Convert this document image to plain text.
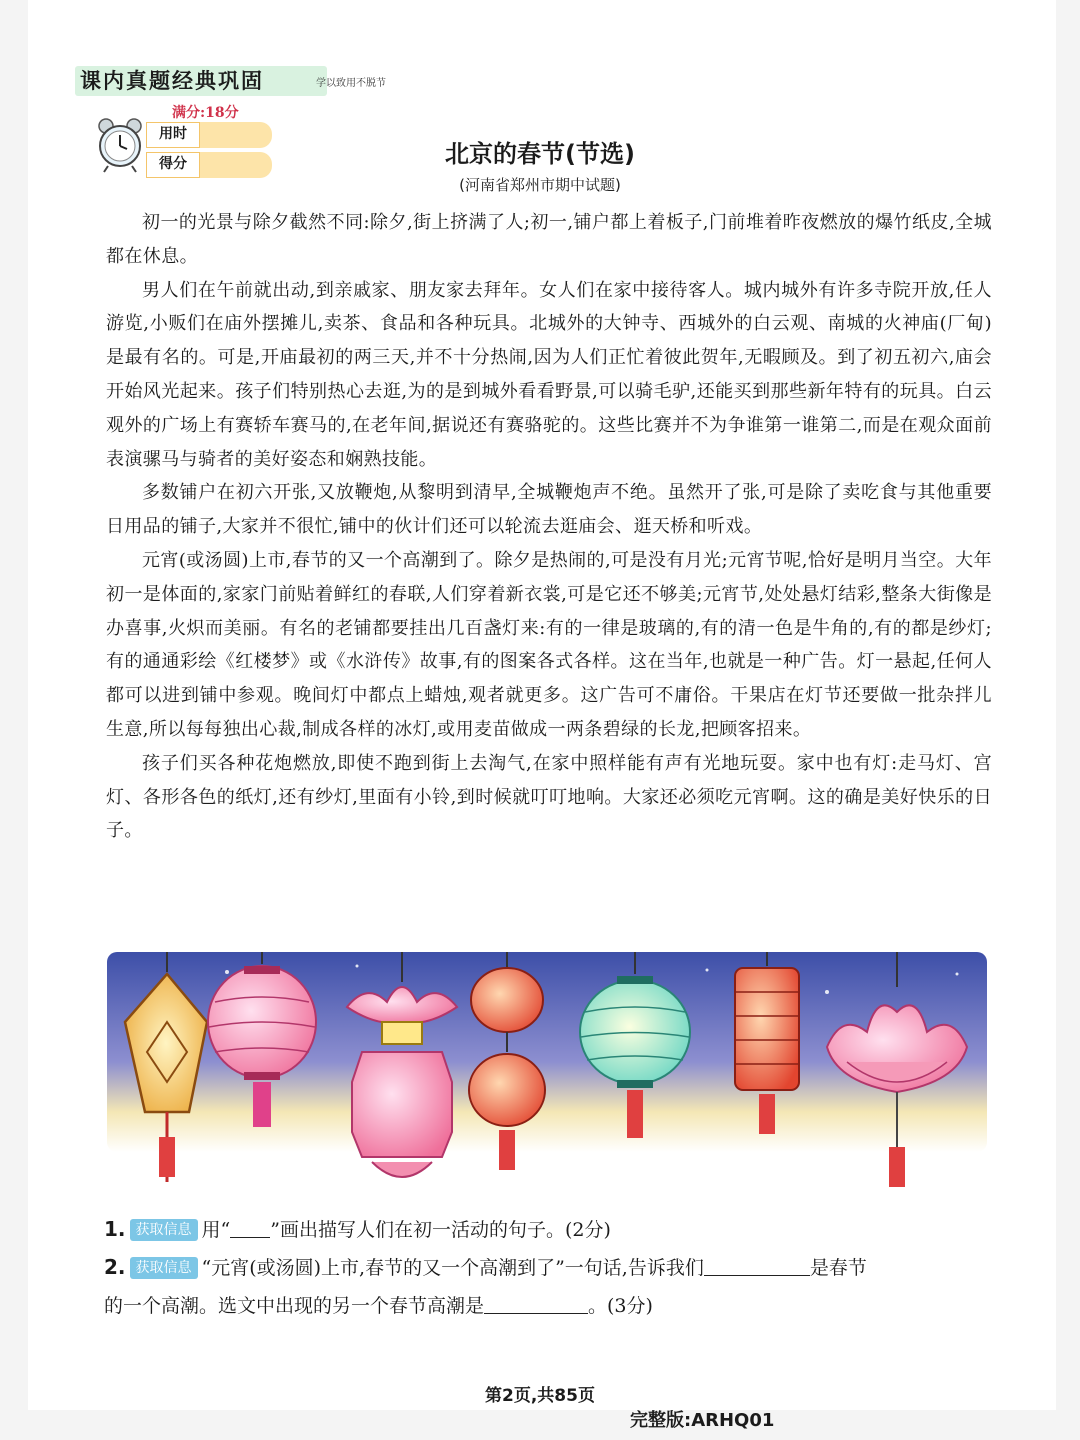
课内真题经典巩固	学以致用不脱节
满分:18分
用时
得分	北京的春节(节选)
(河南省郑州市期中试题)

初一的光景与除夕截然不同:除夕,街上挤满了人;初一,铺户都上着板子,门前堆着昨夜燃放的爆竹纸皮,全城都在休息。

男人们在午前就出动,到亲戚家、朋友家去拜年。女人们在家中接待客人。城内城外有许多寺院开放,任人游览,小贩们在庙外摆摊儿,卖茶、食品和各种玩具。北城外的大钟寺、西城外的白云观、南城的火神庙(厂甸)是最有名的。可是,开庙最初的两三天,并不十分热闹,因为人们正忙着彼此贺年,无暇顾及。到了初五初六,庙会开始风光起来。孩子们特别热心去逛,为的是到城外看看野景,可以骑毛驴,还能买到那些新年特有的玩具。白云观外的广场上有赛轿车赛马的,在老年间,据说还有赛骆驼的。这些比赛并不为争谁第一谁第二,而是在观众面前表演骡马与骑者的美好姿态和娴熟技能。

多数铺户在初六开张,又放鞭炮,从黎明到清早,全城鞭炮声不绝。虽然开了张,可是除了卖吃食与其他重要日用品的铺子,大家并不很忙,铺中的伙计们还可以轮流去逛庙会、逛天桥和听戏。

元宵(或汤圆)上市,春节的又一个高潮到了。除夕是热闹的,可是没有月光;元宵节呢,恰好是明月当空。大年初一是体面的,家家门前贴着鲜红的春联,人们穿着新衣裳,可是它还不够美;元宵节,处处悬灯结彩,整条大街像是办喜事,火炽而美丽。有名的老铺都要挂出几百盏灯来:有的一律是玻璃的,有的清一色是牛角的,有的都是纱灯;有的通通彩绘《红楼梦》或《水浒传》故事,有的图案各式各样。这在当年,也就是一种广告。灯一悬起,任何人都可以进到铺中参观。晚间灯中都点上蜡烛,观者就更多。这广告可不庸俗。干果店在灯节还要做一批杂拌儿生意,所以每每独出心裁,制成各样的冰灯,或用麦苗做成一两条碧绿的长龙,把顾客招来。

孩子们买各种花炮燃放,即使不跑到街上去淘气,在家中照样能有声有光地玩耍。家中也有灯:走马灯、宫灯、各形各色的纸灯,还有纱灯,里面有小铃,到时候就叮叮地响。大家还必须吃元宵啊。这的确是美好快乐的日子。

1. 获取信息 用“ ”画出描写人们在初一活动的句子。(2分)
2. 获取信息 “元宵(或汤圆)上市,春节的又一个高潮到了”一句话,告诉我们	是春节
的一个高潮。选文中出现的另一个春节高潮是	。(3分)
第2页,共85页
完整版:ARHQ01
